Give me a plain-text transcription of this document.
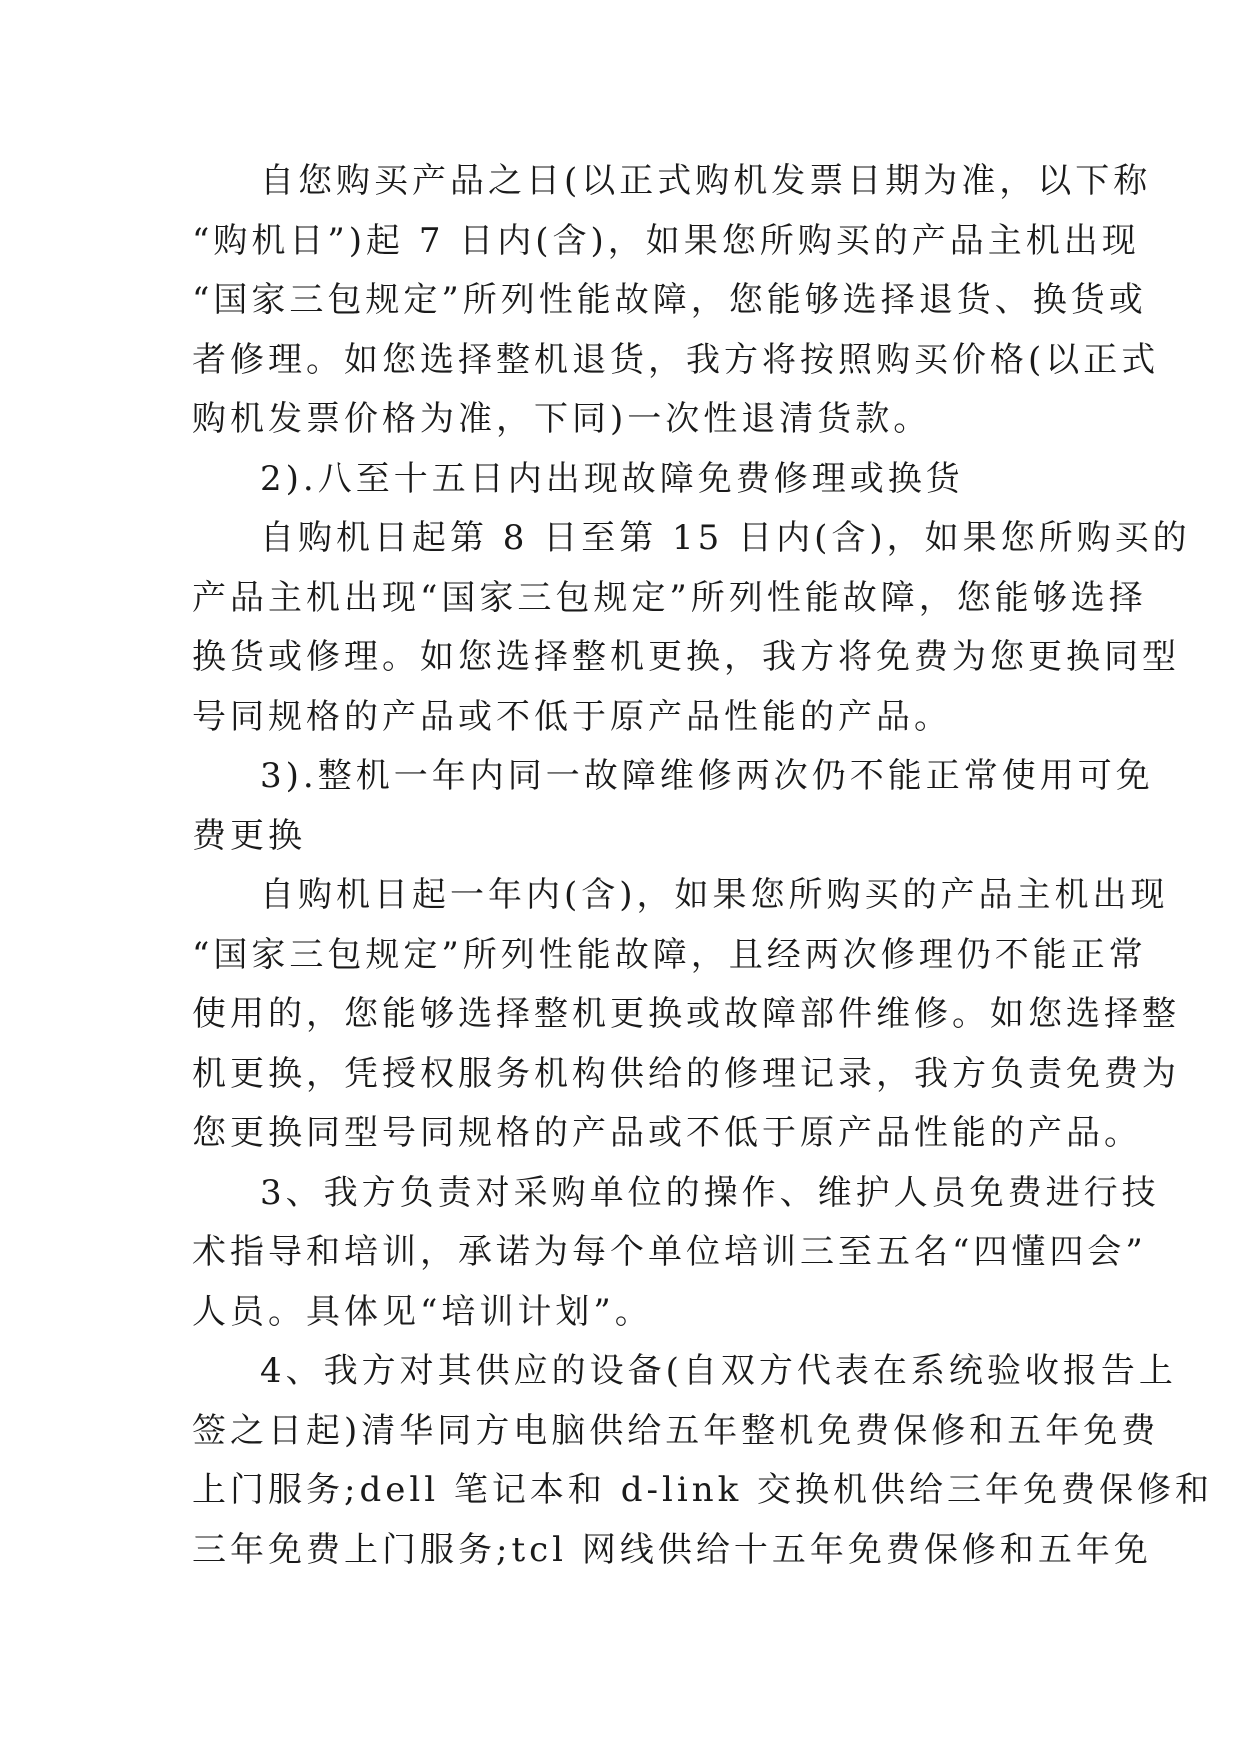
自您购买产品之日(以正式购机发票日期为准，以下称
“购机日”)起 7 日内(含)，如果您所购买的产品主机出现
“国家三包规定”所列性能故障，您能够选择退货、换货或
者修理。如您选择整机退货，我方将按照购买价格(以正式
购机发票价格为准，下同)一次性退清货款。
2).八至十五日内出现故障免费修理或换货
自购机日起第 8 日至第 15 日内(含)，如果您所购买的
产品主机出现“国家三包规定”所列性能故障，您能够选择
换货或修理。如您选择整机更换，我方将免费为您更换同型
号同规格的产品或不低于原产品性能的产品。
3).整机一年内同一故障维修两次仍不能正常使用可免
费更换
自购机日起一年内(含)，如果您所购买的产品主机出现
“国家三包规定”所列性能故障，且经两次修理仍不能正常
使用的，您能够选择整机更换或故障部件维修。如您选择整
机更换，凭授权服务机构供给的修理记录，我方负责免费为
您更换同型号同规格的产品或不低于原产品性能的产品。
3、我方负责对采购单位的操作、维护人员免费进行技
术指导和培训，承诺为每个单位培训三至五名“四懂四会”
人员。具体见“培训计划”。
4、我方对其供应的设备(自双方代表在系统验收报告上
签之日起)清华同方电脑供给五年整机免费保修和五年免费
上门服务;dell 笔记本和 d-link 交换机供给三年免费保修和
三年免费上门服务;tcl 网线供给十五年免费保修和五年免
